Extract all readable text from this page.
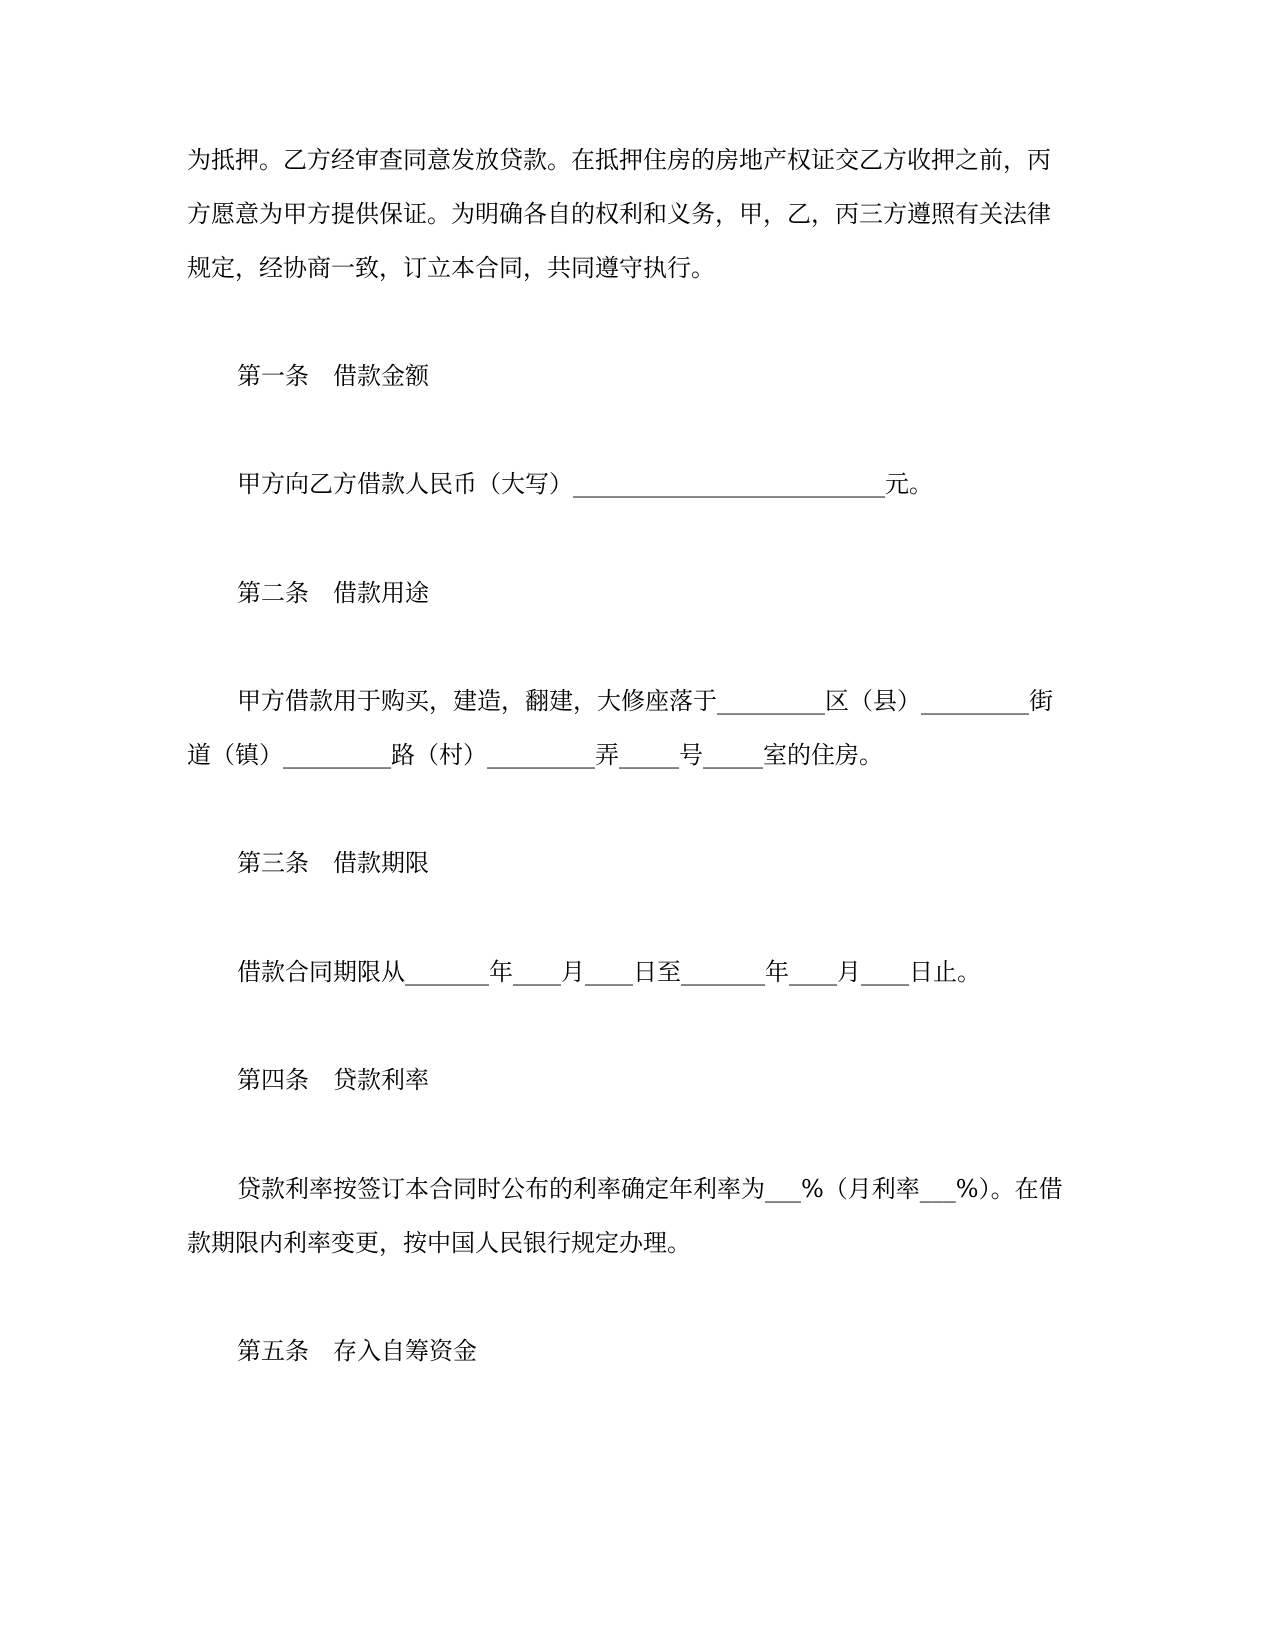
为抵押。乙方经审查同意发放贷款。在抵押住房的房地产权证交乙方收押之前，丙

方愿意为甲方提供保证。为明确各自的权利和义务，甲，乙，丙三方遵照有关法律

规定，经协商一致，订立本合同，共同遵守执行。

第一条　借款金额

甲方向乙方借款人民币（大写）__________________________元。

第二条　借款用途

甲方借款用于购买，建造，翻建，大修座落于_________区（县）_________街

道（镇）_________路（村）_________弄_____号_____室的住房。

第三条　借款期限

借款合同期限从_______年____月____日至_______年____月____日止。

第四条　贷款利率

贷款利率按签订本合同时公布的利率确定年利率为___%（月利率___%）。在借

款期限内利率变更，按中国人民银行规定办理。

第五条　存入自筹资金
